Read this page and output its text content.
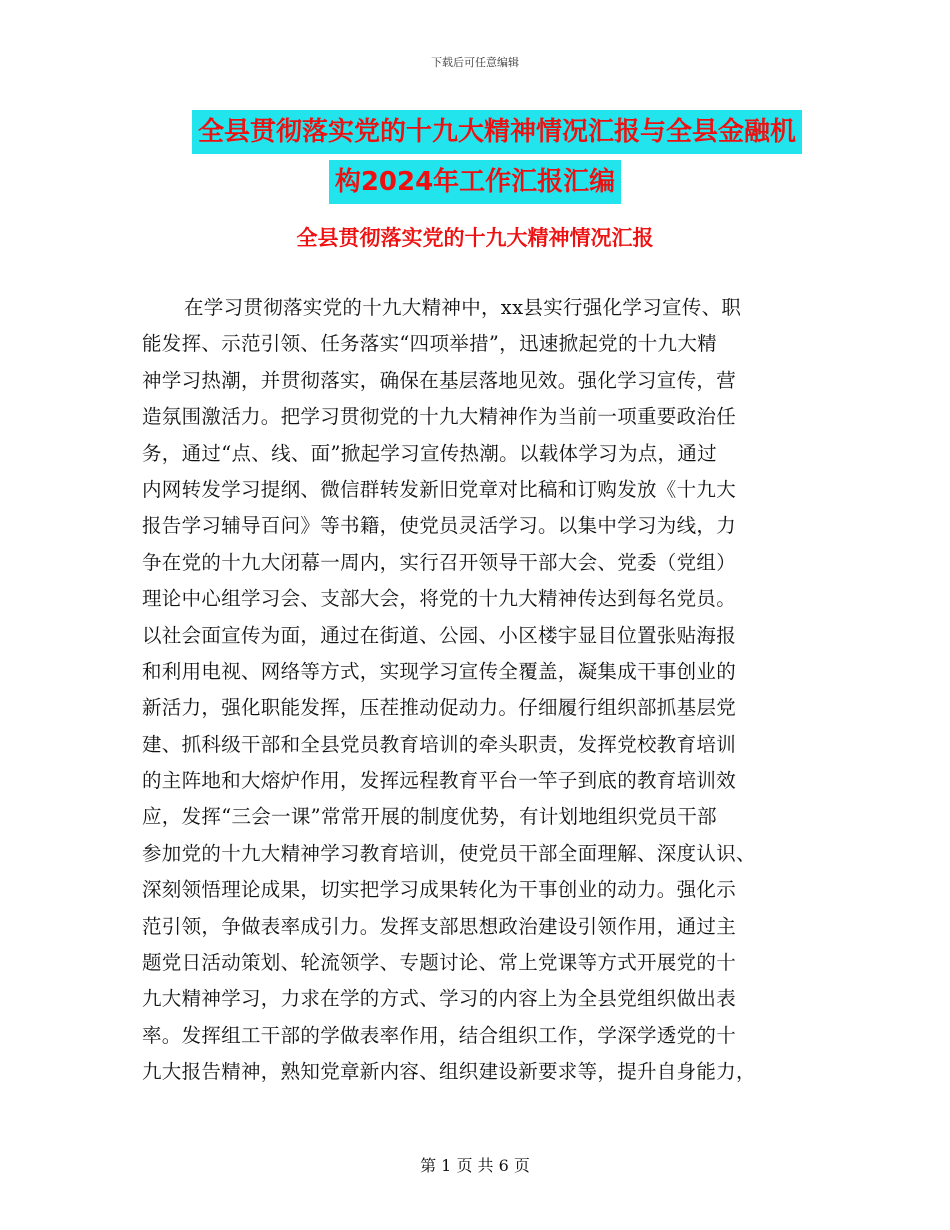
下载后可任意编辑
全县贯彻落实党的十九大精神情况汇报与全县金融机
构2024年工作汇报汇编
全县贯彻落实党的十九大精神情况汇报
在学习贯彻落实党的十九大精神中，xx县实行强化学习宣传、职
能发挥、示范引领、任务落实“四项举措”，迅速掀起党的十九大精
神学习热潮，并贯彻落实，确保在基层落地见效。强化学习宣传，营
造氛围激活力。把学习贯彻党的十九大精神作为当前一项重要政治任
务，通过“点、线、面”掀起学习宣传热潮。以载体学习为点，通过
内网转发学习提纲、微信群转发新旧党章对比稿和订购发放《十九大
报告学习辅导百问》等书籍，使党员灵活学习。以集中学习为线，力
争在党的十九大闭幕一周内，实行召开领导干部大会、党委（党组）
理论中心组学习会、支部大会，将党的十九大精神传达到每名党员。
以社会面宣传为面，通过在街道、公园、小区楼宇显目位置张贴海报
和利用电视、网络等方式，实现学习宣传全覆盖，凝集成干事创业的
新活力，强化职能发挥，压茬推动促动力。仔细履行组织部抓基层党
建、抓科级干部和全县党员教育培训的牵头职责，发挥党校教育培训
的主阵地和大熔炉作用，发挥远程教育平台一竿子到底的教育培训效
应，发挥“三会一课”常常开展的制度优势，有计划地组织党员干部
参加党的十九大精神学习教育培训，使党员干部全面理解、深度认识、
深刻领悟理论成果，切实把学习成果转化为干事创业的动力。强化示
范引领，争做表率成引力。发挥支部思想政治建设引领作用，通过主
题党日活动策划、轮流领学、专题讨论、常上党课等方式开展党的十
九大精神学习，力求在学的方式、学习的内容上为全县党组织做出表
率。发挥组工干部的学做表率作用，结合组织工作，学深学透党的十
九大报告精神，熟知党章新内容、组织建设新要求等，提升自身能力，
第 1 页 共 6 页
